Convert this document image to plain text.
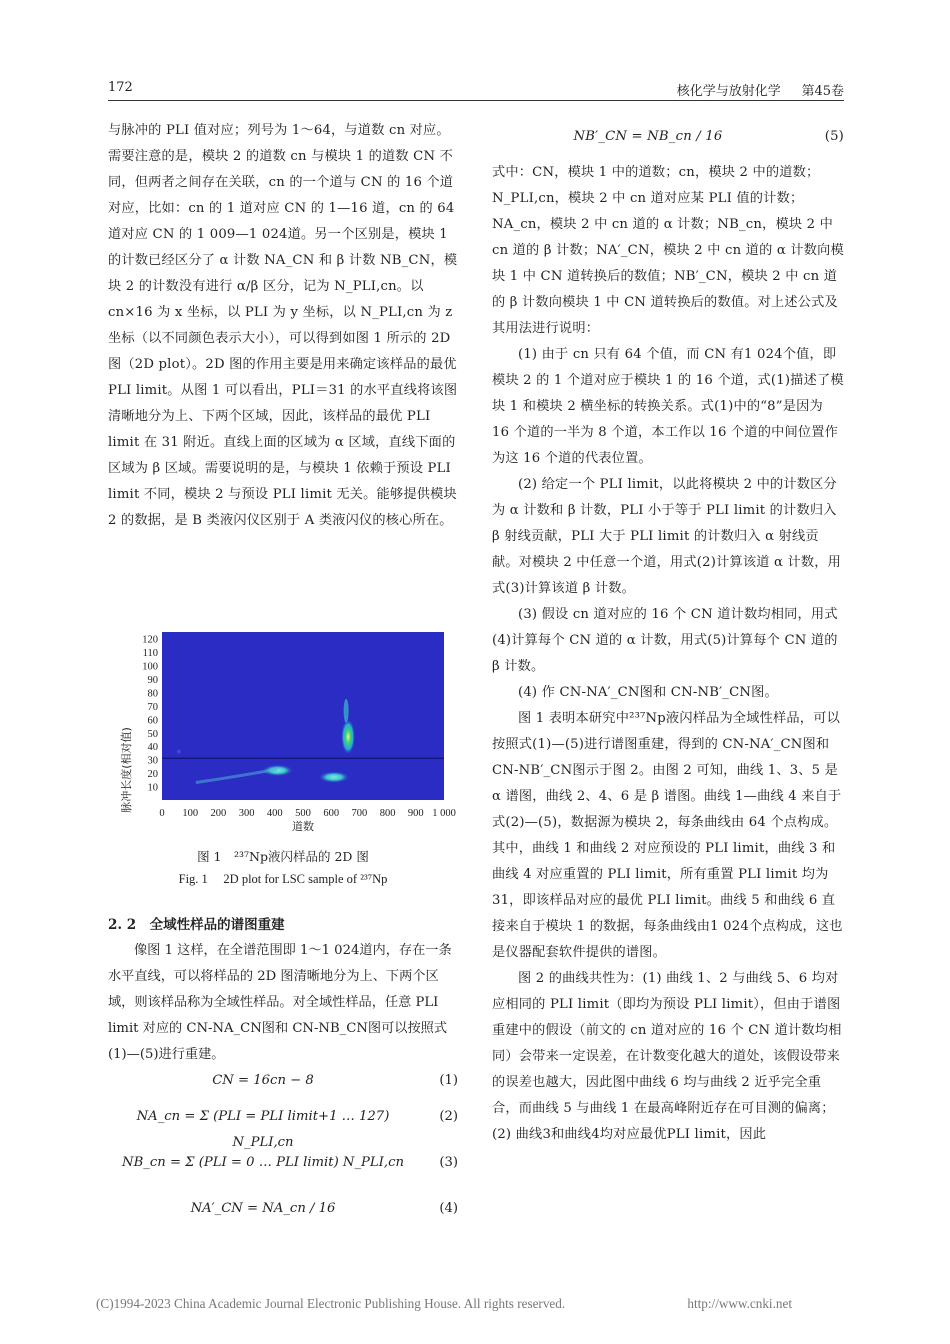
172	核化学与放射化学 第45卷

与脉冲的 PLI 值对应；列号为 1～64，与道数 cn 对应。需要注意的是，模块 2 的道数 cn 与模块 1 的道数 CN 不同，但两者之间存在关联，cn 的一个道与 CN 的 16 个道对应，比如：cn 的 1 道对应 CN 的 1—16 道，cn 的 64 道对应 CN 的 1 009—1 024道。另一个区别是，模块 1 的计数已经区分了 α 计数 NA_CN 和 β 计数 NB_CN，模块 2 的计数没有进行 α/β 区分，记为 N_PLI,cn。以 cn×16 为 x 坐标，以 PLI 为 y 坐标，以 N_PLI,cn 为 z 坐标（以不同颜色表示大小），可以得到如图 1 所示的 2D 图（2D plot）。2D 图的作用主要是用来确定该样品的最优 PLI limit。从图 1 可以看出，PLI＝31 的水平直线将该图清晰地分为上、下两个区域，因此，该样品的最优 PLI limit 在 31 附近。直线上面的区域为 α 区域，直线下面的区域为 β 区域。需要说明的是，与模块 1 依赖于预设 PLI limit 不同，模块 2 与预设 PLI limit 无关。能够提供模块 2 的数据，是 B 类液闪仪区别于 A 类液闪仪的核心所在。

脉冲长度(相对值)
120
110
100
90
80
70
60
50
40
30
20
10
0 100 200 300 400 500 600 700 800 900 1 000
道数
图 1　²³⁷Np液闪样品的 2D 图
Fig. 1　 2D plot for LSC sample of ²³⁷Np
2. 2　全域性样品的谱图重建

像图 1 这样，在全谱范围即 1～1 024道内，存在一条水平直线，可以将样品的 2D 图清晰地分为上、下两个区域，则该样品称为全域性样品。对全域性样品，任意 PLI limit 对应的 CN-NA_CN图和 CN-NB_CN图可以按照式(1)—(5)进行重建。

CN = 16cn − 8	(1)
NA_cn = Σ (PLI = PLI limit+1 … 127) N_PLI,cn
(2)
NB_cn = Σ (PLI = 0 … PLI limit) N_PLI,cn	(3)
NA′_CN = NA_cn / 16	(4)
NB′_CN = NB_cn / 16	(5)

式中：CN，模块 1 中的道数；cn，模块 2 中的道数；N_PLI,cn，模块 2 中 cn 道对应某 PLI 值的计数；NA_cn，模块 2 中 cn 道的 α 计数；NB_cn，模块 2 中 cn 道的 β 计数；NA′_CN，模块 2 中 cn 道的 α 计数向模块 1 中 CN 道转换后的数值；NB′_CN，模块 2 中 cn 道的 β 计数向模块 1 中 CN 道转换后的数值。对上述公式及其用法进行说明：

(1) 由于 cn 只有 64 个值，而 CN 有1 024个值，即模块 2 的 1 个道对应于模块 1 的 16 个道，式(1)描述了模块 1 和模块 2 横坐标的转换关系。式(1)中的“8”是因为 16 个道的一半为 8 个道，本工作以 16 个道的中间位置作为这 16 个道的代表位置。

(2) 给定一个 PLI limit，以此将模块 2 中的计数区分为 α 计数和 β 计数，PLI 小于等于 PLI limit 的计数归入 β 射线贡献，PLI 大于 PLI limit 的计数归入 α 射线贡献。对模块 2 中任意一个道，用式(2)计算该道 α 计数，用式(3)计算该道 β 计数。

(3) 假设 cn 道对应的 16 个 CN 道计数均相同，用式(4)计算每个 CN 道的 α 计数，用式(5)计算每个 CN 道的 β 计数。

(4) 作 CN-NA′_CN图和 CN-NB′_CN图。

图 1 表明本研究中²³⁷Np液闪样品为全域性样品，可以按照式(1)—(5)进行谱图重建，得到的 CN-NA′_CN图和 CN-NB′_CN图示于图 2。由图 2 可知，曲线 1、3、5 是 α 谱图，曲线 2、4、6 是 β 谱图。曲线 1—曲线 4 来自于式(2)—(5)，数据源为模块 2，每条曲线由 64 个点构成。其中，曲线 1 和曲线 2 对应预设的 PLI limit，曲线 3 和曲线 4 对应重置的 PLI limit，所有重置 PLI limit 均为 31，即该样品对应的最优 PLI limit。曲线 5 和曲线 6 直接来自于模块 1 的数据，每条曲线由1 024个点构成，这也是仪器配套软件提供的谱图。

图 2 的曲线共性为：(1) 曲线 1、2 与曲线 5、6 均对应相同的 PLI limit（即均为预设 PLI limit），但由于谱图重建中的假设（前文的 cn 道对应的 16 个 CN 道计数均相同）会带来一定误差，在计数变化越大的道处，该假设带来的误差也越大，因此图中曲线 6 均与曲线 2 近乎完全重合，而曲线 5 与曲线 1 在最高峰附近存在可目测的偏离；(2) 曲线3和曲线4均对应最优PLI limit，因此

(C)1994-2023 China Academic Journal Electronic Publishing House. All rights reserved.	http://www.cnki.net
